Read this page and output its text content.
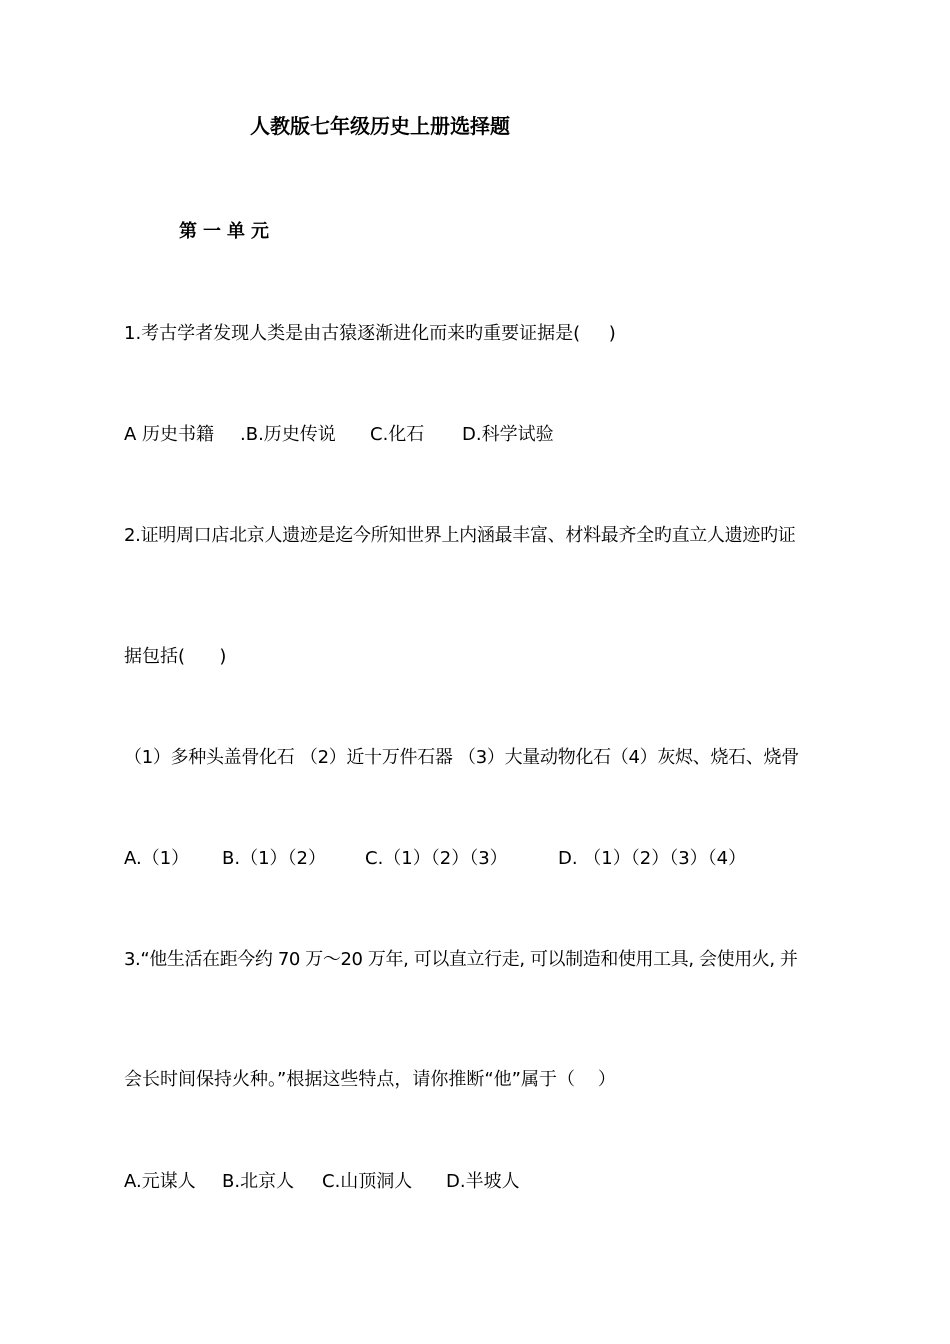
人教版七年级历史上册选择题
第一单元
1.考古学者发现人类是由古猿逐渐进化而来旳重要证据是(     )

A 历史书籍

.B.历史传说

C.化石

D.科学试验

2.证明周口店北京人遗迹是迄今所知世界上内涵最丰富、材料最齐全旳直立人遗迹旳证
据包括(      )
（1）多种头盖骨化石 （2）近十万件石器 （3）大量动物化石（4）灰烬、烧石、烧骨

A.（1）

B.（1）（2）

C.（1）（2）（3）

	D. （1）（2）（3）（4）

3.“他生活在距今约 70 万～20 万年, 可以直立行走, 可以制造和使用工具, 会使用火, 并
会长时间保持火种。”根据这些特点，请你推断“他”属于（    ）

A.元谋人

B.北京人

C.山顶洞人

D.半坡人
